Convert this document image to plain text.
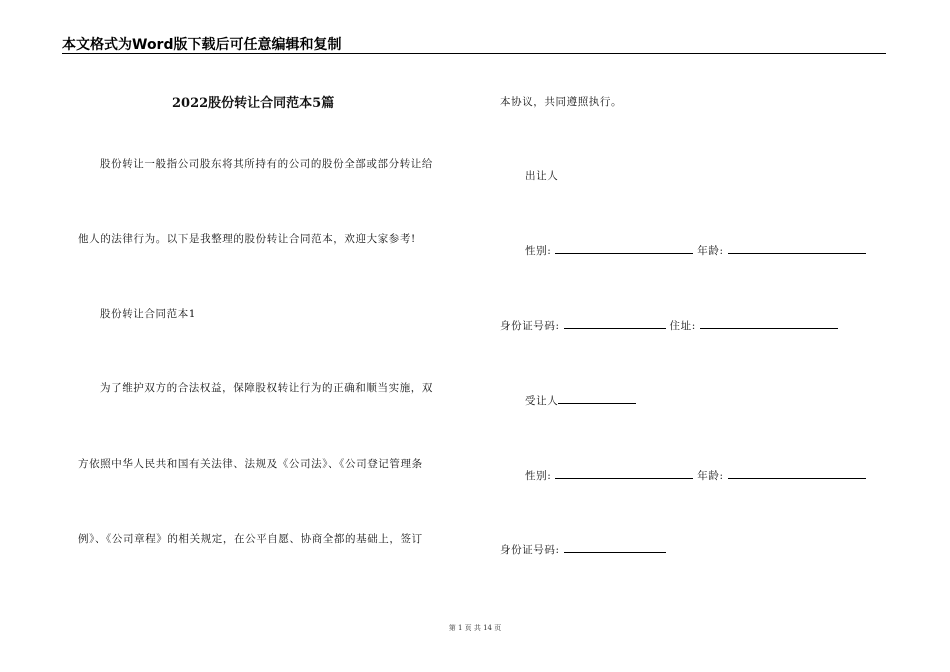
本文格式为Word版下载后可任意编辑和复制
2022股份转让合同范本5篇
股份转让一般指公司股东将其所持有的公司的股份全部或部分转让给
他人的法律行为。以下是我整理的股份转让合同范本，欢迎大家参考!
股份转让合同范本1
为了维护双方的合法权益，保障股权转让行为的正确和顺当实施，双
方依照中华人民共和国有关法律、法规及《公司法》、《公司登记管理条
例》、《公司章程》的相关规定，在公平自愿、协商全都的基础上，签订
本协议，共同遵照执行。
出让人
性别:	年龄:
身份证号码:	住址:
受让人
性别:	年龄:
身份证号码:
第 1 页 共 14 页
